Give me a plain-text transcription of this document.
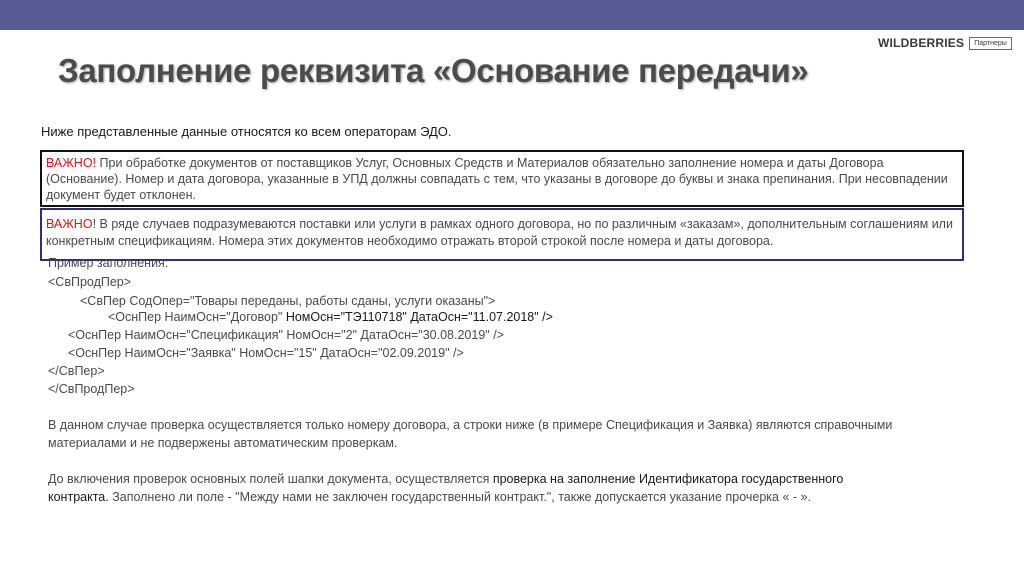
WILDBERRIES	Партнеры
Заполнение реквизита «Основание передачи»
Ниже представленные данные относятся ко всем операторам ЭДО.
ВАЖНО! При обработке документов от поставщиков Услуг, Основных Средств и Материалов обязательно заполнение номера и даты Договора (Основание). Номер и дата договора, указанные в УПД должны совпадать с тем, что указаны в договоре до буквы и знака препинания. При несовпадении документ будет отклонен.
ВАЖНО! В ряде случаев подразумеваются поставки или услуги в рамках одного договора, но по различным «заказам», дополнительным соглашениям или конкретным спецификациям. Номера этих документов необходимо отражать второй строкой после номера и даты договора.
Пример заполнения:
<СвПродПер>
<СвПер СодОпер="Товары переданы, работы сданы, услуги оказаны">
<ОснПер НаимОсн="Договор" НомОсн="ТЭ110718" ДатаОсн="11.07.2018" />
<ОснПер НаимОсн="Спецификация" НомОсн="2" ДатаОсн="30.08.2019" />
<ОснПер НаимОсн="Заявка" НомОсн="15" ДатаОсн="02.09.2019" />
</СвПер>
</СвПродПер>
В данном случае проверка осуществляется только номеру договора, а строки ниже (в примере Спецификация и Заявка) являются справочными материалами и не подвержены автоматическим проверкам.
До включения проверок основных полей шапки документа, осуществляется проверка на заполнение Идентификатора государственного контракта. Заполнено ли поле - "Между нами не заключен государственный контракт.", также допускается указание прочерка « - ».
